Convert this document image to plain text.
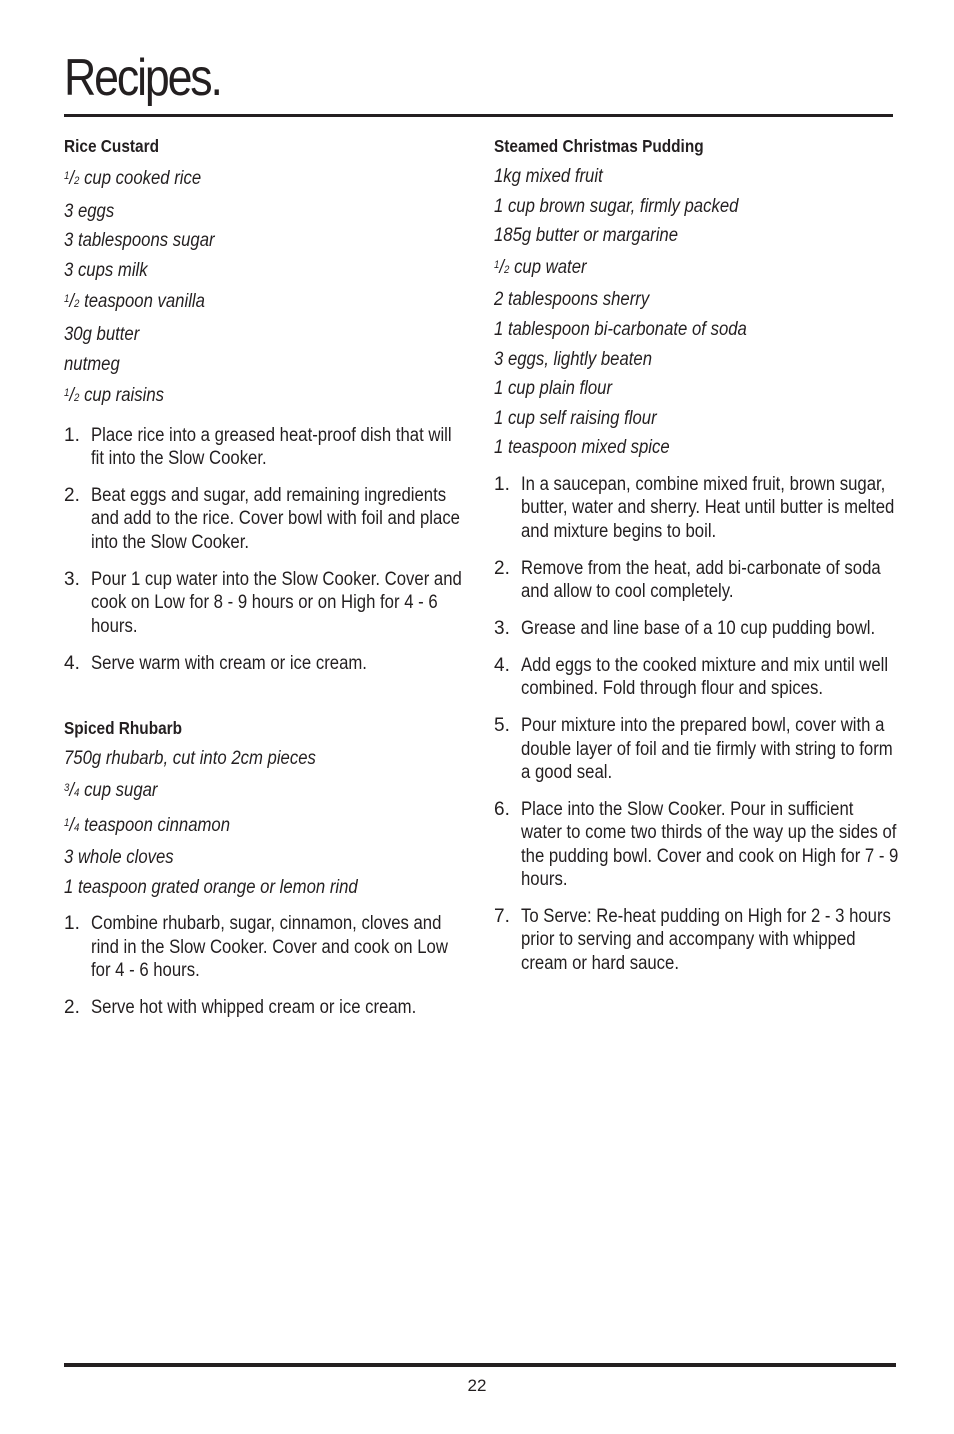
Recipes.
Rice Custard
$^1$/2 cup cooked rice
3 eggs
3 tablespoons sugar
3 cups milk
$^1$/2 teaspoon vanilla
30g butter
nutmeg
$^1$/2 cup raisins
1. Place rice into a greased heat-proof dish that will fit into the Slow Cooker.
2. Beat eggs and sugar, add remaining ingredients and add to the rice. Cover bowl with foil and place into the Slow Cooker.
3. Pour 1 cup water into the Slow Cooker. Cover and cook on Low for 8 - 9 hours or on High for 4 - 6 hours.
4. Serve warm with cream or ice cream.
Spiced Rhubarb
750g rhubarb, cut into 2cm pieces
$^3$/4 cup sugar
$^1$/4 teaspoon cinnamon
3 whole cloves
1 teaspoon grated orange or lemon rind
1. Combine rhubarb, sugar, cinnamon, cloves and rind in the Slow Cooker. Cover and cook on Low for 4 - 6 hours.
2. Serve hot with whipped cream or ice cream.
Steamed Christmas Pudding
1kg mixed fruit
1 cup brown sugar, firmly packed
185g butter or margarine
$^1$/2 cup water
2 tablespoons sherry
1 tablespoon bi-carbonate of soda
3 eggs, lightly beaten
1 cup plain flour
1 cup self raising flour
1 teaspoon mixed spice
1. In a saucepan, combine mixed fruit, brown sugar, butter, water and sherry. Heat until butter is melted and mixture begins to boil.
2. Remove from the heat, add bi-carbonate of soda and allow to cool completely.
3. Grease and line base of a 10 cup pudding bowl.
4. Add eggs to the cooked mixture and mix until well combined. Fold through flour and spices.
5. Pour mixture into the prepared bowl, cover with a double layer of foil and tie firmly with string to form a good seal.
6. Place into the Slow Cooker. Pour in sufficient water to come two thirds of the way up the sides of the pudding bowl. Cover and cook on High for 7 - 9 hours.
7. To Serve: Re-heat pudding on High for 2 - 3 hours prior to serving and accompany with whipped cream or hard sauce.
22
